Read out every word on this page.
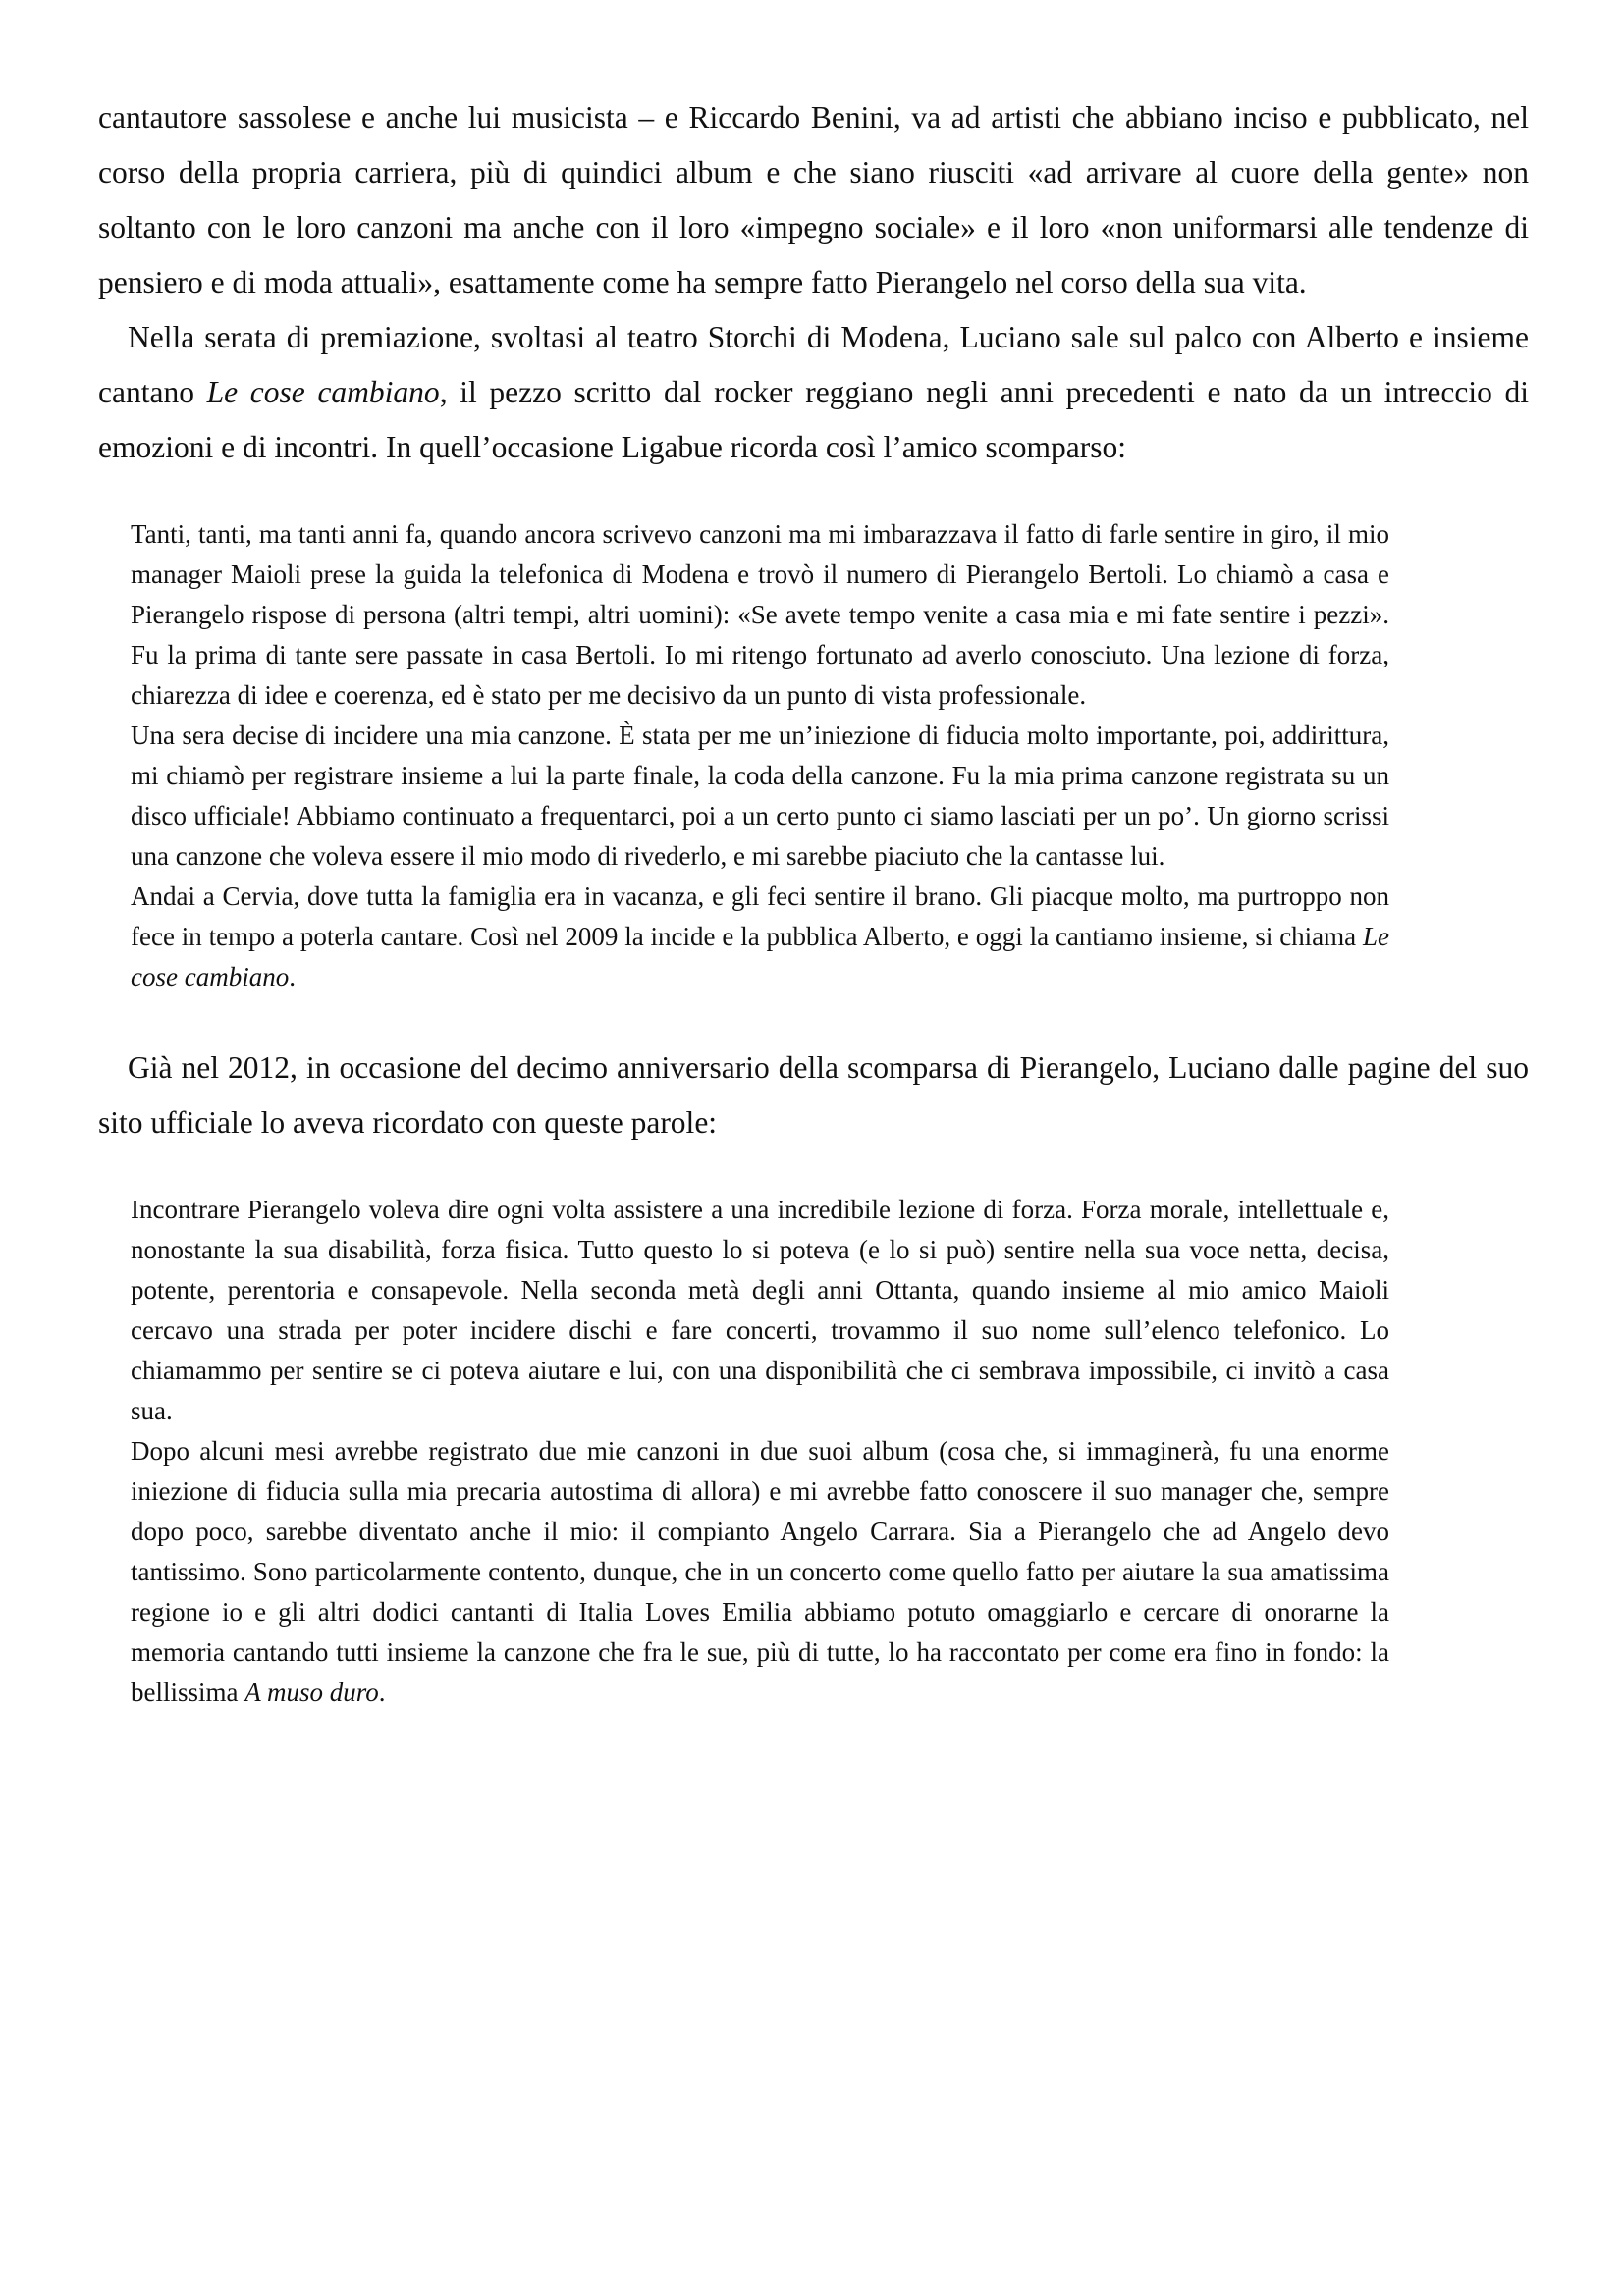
cantautore sassolese e anche lui musicista – e Riccardo Benini, va ad artisti che abbiano inciso e pubblicato, nel corso della propria carriera, più di quindici album e che siano riusciti «ad arrivare al cuore della gente» non soltanto con le loro canzoni ma anche con il loro «impegno sociale» e il loro «non uniformarsi alle tendenze di pensiero e di moda attuali», esattamente come ha sempre fatto Pierangelo nel corso della sua vita.

Nella serata di premiazione, svoltasi al teatro Storchi di Modena, Luciano sale sul palco con Alberto e insieme cantano Le cose cambiano, il pezzo scritto dal rocker reggiano negli anni precedenti e nato da un intreccio di emozioni e di incontri. In quell’occasione Ligabue ricorda così l’amico scomparso:

Tanti, tanti, ma tanti anni fa, quando ancora scrivevo canzoni ma mi imbarazzava il fatto di farle sentire in giro, il mio manager Maioli prese la guida la telefonica di Modena e trovò il numero di Pierangelo Bertoli. Lo chiamò a casa e Pierangelo rispose di persona (altri tempi, altri uomini): «Se avete tempo venite a casa mia e mi fate sentire i pezzi». Fu la prima di tante sere passate in casa Bertoli. Io mi ritengo fortunato ad averlo conosciuto. Una lezione di forza, chiarezza di idee e coerenza, ed è stato per me decisivo da un punto di vista professionale.

Una sera decise di incidere una mia canzone. È stata per me un’iniezione di fiducia molto importante, poi, addirittura, mi chiamò per registrare insieme a lui la parte finale, la coda della canzone. Fu la mia prima canzone registrata su un disco ufficiale! Abbiamo continuato a frequentarci, poi a un certo punto ci siamo lasciati per un po’. Un giorno scrissi una canzone che voleva essere il mio modo di rivederlo, e mi sarebbe piaciuto che la cantasse lui.

Andai a Cervia, dove tutta la famiglia era in vacanza, e gli feci sentire il brano. Gli piacque molto, ma purtroppo non fece in tempo a poterla cantare. Così nel 2009 la incide e la pubblica Alberto, e oggi la cantiamo insieme, si chiama Le cose cambiano.

Già nel 2012, in occasione del decimo anniversario della scomparsa di Pierangelo, Luciano dalle pagine del suo sito ufficiale lo aveva ricordato con queste parole:

Incontrare Pierangelo voleva dire ogni volta assistere a una incredibile lezione di forza. Forza morale, intellettuale e, nonostante la sua disabilità, forza fisica. Tutto questo lo si poteva (e lo si può) sentire nella sua voce netta, decisa, potente, perentoria e consapevole. Nella seconda metà degli anni Ottanta, quando insieme al mio amico Maioli cercavo una strada per poter incidere dischi e fare concerti, trovammo il suo nome sull’elenco telefonico. Lo chiamammo per sentire se ci poteva aiutare e lui, con una disponibilità che ci sembrava impossibile, ci invitò a casa sua.

Dopo alcuni mesi avrebbe registrato due mie canzoni in due suoi album (cosa che, si immaginerà, fu una enorme iniezione di fiducia sulla mia precaria autostima di allora) e mi avrebbe fatto conoscere il suo manager che, sempre dopo poco, sarebbe diventato anche il mio: il compianto Angelo Carrara. Sia a Pierangelo che ad Angelo devo tantissimo. Sono particolarmente contento, dunque, che in un concerto come quello fatto per aiutare la sua amatissima regione io e gli altri dodici cantanti di Italia Loves Emilia abbiamo potuto omaggiarlo e cercare di onorarne la memoria cantando tutti insieme la canzone che fra le sue, più di tutte, lo ha raccontato per come era fino in fondo: la bellissima A muso duro.
